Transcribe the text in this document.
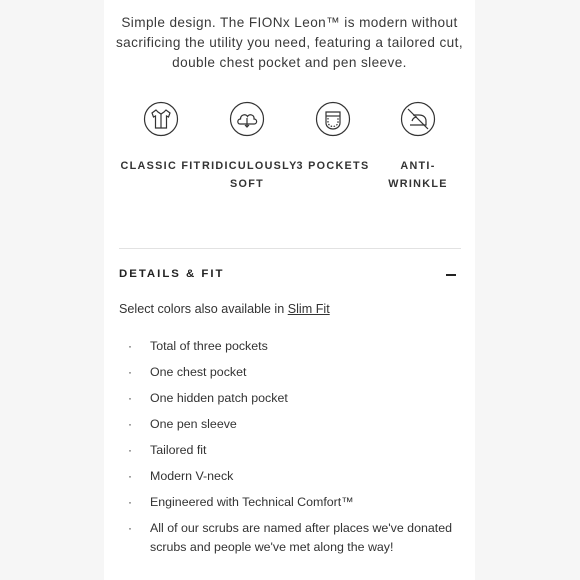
Simple design. The FIONx Leon™ is modern without
sacrificing the utility you need, featuring a tailored cut,
double chest pocket and pen sleeve.
CLASSIC FIT RIDICULOUSLY
SOFT
3 POCKETS	ANTI-
WRINKLE
DETAILS & FIT
Select colors also available in Slim Fit
· Total of three pockets

· One chest pocket

· One hidden patch pocket

· One pen sleeve

· Tailored fit

· Modern V-neck

· Engineered with Technical Comfort™

· All of our scrubs are named after places we've donated
scrubs and people we've met along the way!
